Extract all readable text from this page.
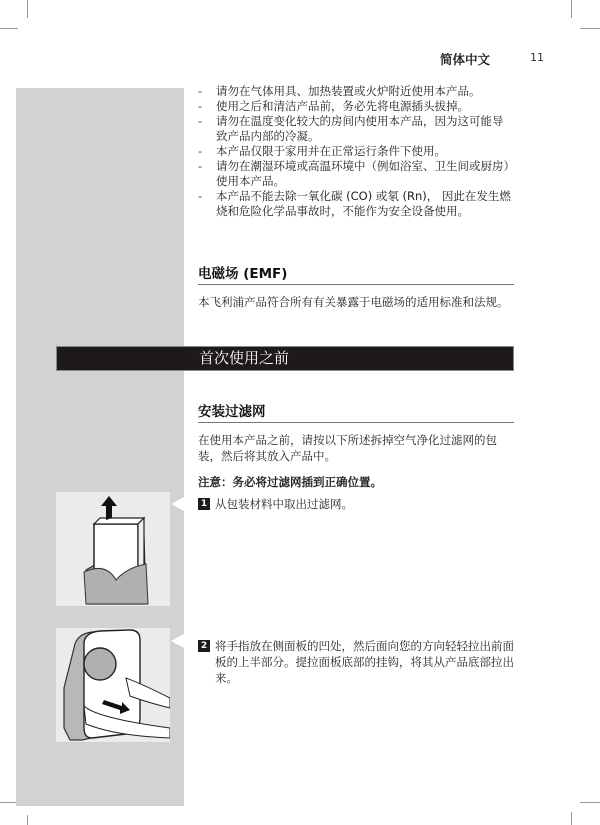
简体中文	11
-	请勿在气体用具、加热装置或火炉附近使用本产品。
-	使用之后和清洁产品前，务必先将电源插头拔掉。
-	请勿在温度变化较大的房间内使用本产品，因为这可能导致产品内部的冷凝。
-	本产品仅限于家用并在正常运行条件下使用。
-	请勿在潮湿环境或高温环境中（例如浴室、卫生间或厨房）使用本产品。
-	本产品不能去除一氧化碳 (CO) 或氡 (Rn)， 因此在发生燃烧和危险化学品事故时，不能作为安全设备使用。
电磁场 (EMF)
本飞利浦产品符合所有有关暴露于电磁场的适用标准和法规。
首次使用之前
安装过滤网
在使用本产品之前，请按以下所述拆掉空气净化过滤网的包装，然后将其放入产品中。
注意：务必将过滤网插到正确位置。
1 从包装材料中取出过滤网。
2 将手指放在侧面板的凹处，然后面向您的方向轻轻拉出前面板的上半部分。提拉面板底部的挂钩，将其从产品底部拉出来。
